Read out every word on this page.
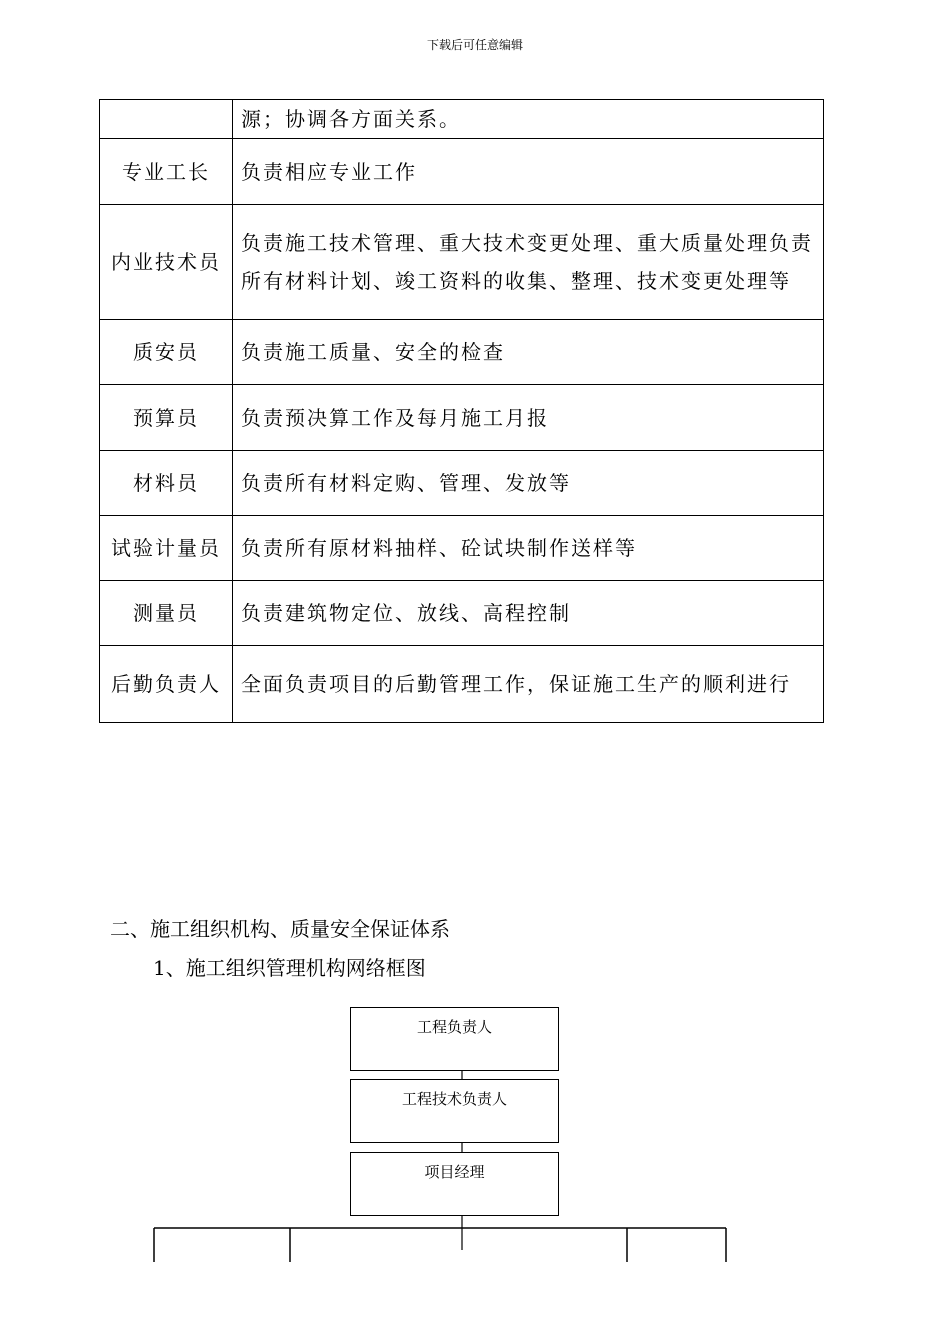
下载后可任意编辑
	源；协调各方面关系。
专业工长	负责相应专业工作
内业技术员	负责施工技术管理、重大技术变更处理、重大质量处理负责所有材料计划、竣工资料的收集、整理、技术变更处理等
质安员	负责施工质量、安全的检查
预算员	负责预决算工作及每月施工月报
材料员	负责所有材料定购、管理、发放等
试验计量员	负责所有原材料抽样、砼试块制作送样等
测量员	负责建筑物定位、放线、高程控制
后勤负责人	全面负责项目的后勤管理工作，保证施工生产的顺利进行
二、施工组织机构、质量安全保证体系
1、施工组织管理机构网络框图
工程负责人
工程技术负责人
项目经理
